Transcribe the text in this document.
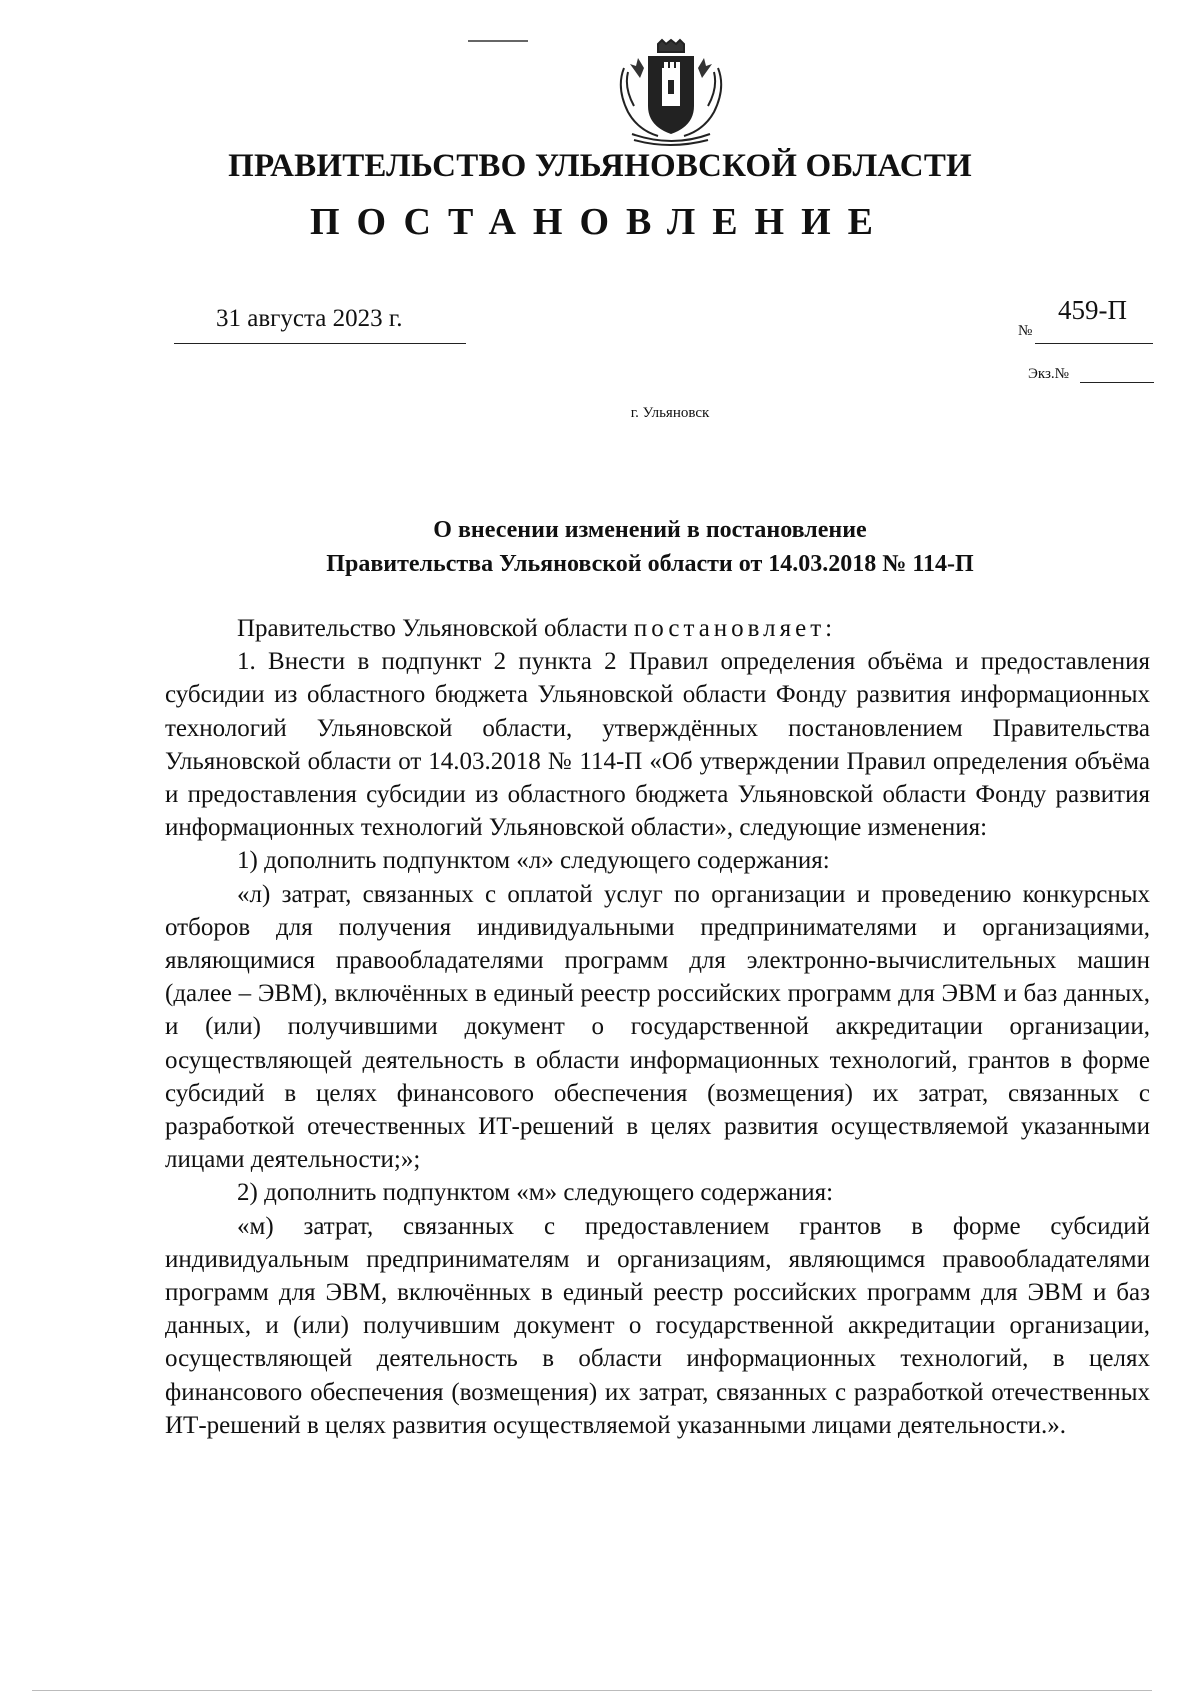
ПРАВИТЕЛЬСТВО УЛЬЯНОВСКОЙ ОБЛАСТИ
ПОСТАНОВЛЕНИЕ
31 августа 2023 г.	№
459-П
Экз.№
г. Ульяновск
О внесении изменений в постановление
Правительства Ульяновской области от 14.03.2018 № 114-П

Правительство Ульяновской области постановляет:

1. Внести в подпункт 2 пункта 2 Правил определения объёма и предоставления субсидии из областного бюджета Ульяновской области Фонду развития информационных технологий Ульяновской области, утверждённых постановлением Правительства Ульяновской области от 14.03.2018 № 114-П «Об утверждении Правил определения объёма и предоставления субсидии из областного бюджета Ульяновской области Фонду развития информационных технологий Ульяновской области», следующие изменения:

1) дополнить подпунктом «л» следующего содержания:

«л) затрат, связанных с оплатой услуг по организации и проведению конкурсных отборов для получения индивидуальными предпринимателями и организациями, являющимися правообладателями программ для электронно-вычислительных машин (далее – ЭВМ), включённых в единый реестр российских программ для ЭВМ и баз данных, и (или) получившими документ о государственной аккредитации организации, осуществляющей деятельность в области информационных технологий, грантов в форме субсидий в целях финансового обеспечения (возмещения) их затрат, связанных с разработкой отечественных ИТ-решений в целях развития осуществляемой указанными лицами деятельности;»;

2) дополнить подпунктом «м» следующего содержания:

«м) затрат, связанных с предоставлением грантов в форме субсидий индивидуальным предпринимателям и организациям, являющимся правообладателями программ для ЭВМ, включённых в единый реестр российских программ для ЭВМ и баз данных, и (или) получившим документ о государственной аккредитации организации, осуществляющей деятельность в области информационных технологий, в целях финансового обеспечения (возмещения) их затрат, связанных с разработкой отечественных ИТ-решений в целях развития осуществляемой указанными лицами деятельности.».
